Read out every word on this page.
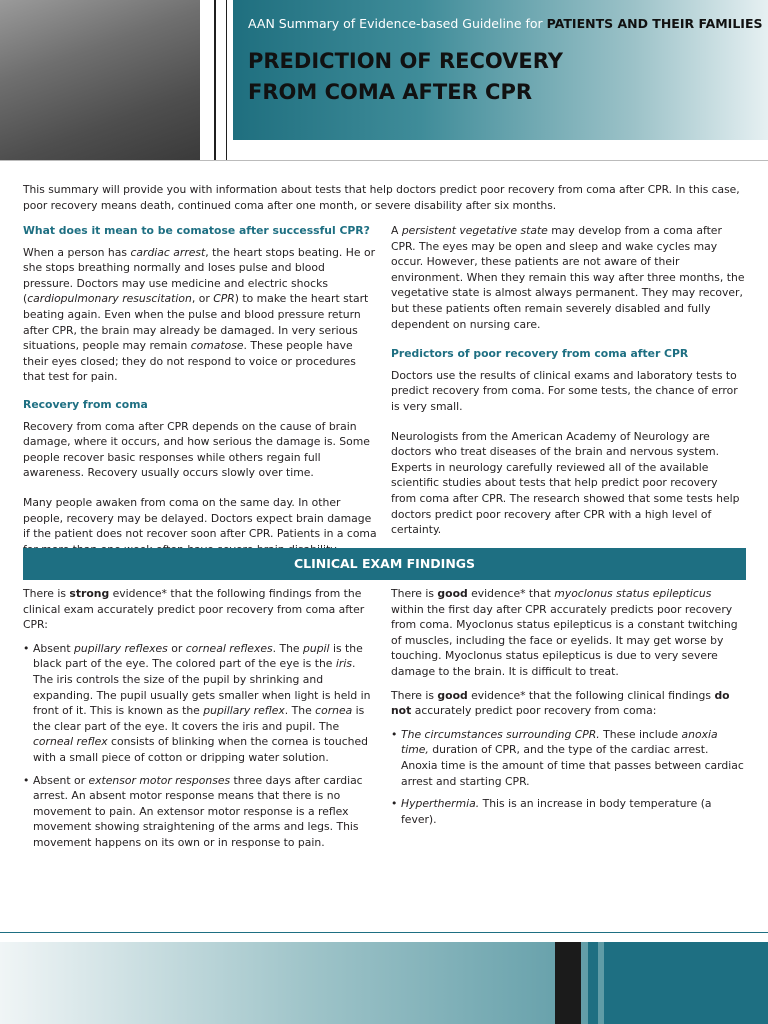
AAN Summary of Evidence-based Guideline for PATIENTS AND THEIR FAMILIES
PREDICTION OF RECOVERY
FROM COMA AFTER CPR

This summary will provide you with information about tests that help doctors predict poor recovery from coma after CPR. In this case, poor recovery means death, continued coma after one month, or severe disability after six months.

What does it mean to be comatose after successful CPR?

When a person has cardiac arrest, the heart stops beating. He or she stops breathing normally and loses pulse and blood pressure. Doctors may use medicine and electric shocks (cardiopulmonary resuscitation, or CPR) to make the heart start beating again. Even when the pulse and blood pressure return after CPR, the brain may already be damaged. In very serious situations, people may remain comatose. These people have their eyes closed; they do not respond to voice or procedures that test for pain.

Recovery from coma

Recovery from coma after CPR depends on the cause of brain damage, where it occurs, and how serious the damage is. Some people recover basic responses while others regain full awareness. Recovery usually occurs slowly over time.

Many people awaken from coma on the same day. In other people, recovery may be delayed. Doctors expect brain damage if the patient does not recover soon after CPR. Patients in a coma

A persistent vegetative state may develop from a coma after CPR. The eyes may be open and sleep and wake cycles may occur. However, these patients are not aware of their environment. When they remain this way after three months, the vegetative state is almost always permanent. They may recover, but these patients often remain severely disabled and fully dependent on nursing care.

Predictors of poor recovery from coma after CPR

Doctors use the results of clinical exams and laboratory tests to predict recovery from coma. For some tests, the chance of error is very small.

Neurologists from the American Academy of Neurology are doctors who treat diseases of the brain and nervous system. Experts in neurology carefully reviewed all of the available scientific studies about tests that help predict poor recovery from coma after CPR. The research showed that some tests help doctors predict poor recovery after CPR with a high level of certainty.

CLINICAL EXAM FINDINGS

There is strong evidence* that the following findings from the clinical exam accurately predict poor recovery from coma after CPR:

• Absent pupillary reflexes or corneal reflexes. The pupil is the black part of the eye. The colored part of the eye is the iris. The iris controls the size of the pupil by shrinking and expanding. The pupil usually gets smaller when light is held in front of it. This is known as the pupillary reflex. The cornea is the clear part of the eye. It covers the iris and pupil. The corneal reflex consists of blinking when the cornea is touched with a small piece of cotton or dripping water solution.
• Absent or extensor motor responses three days after cardiac arrest. An absent motor response means that there is no movement to pain. An extensor motor response is a reflex movement showing straightening of the arms and legs. This movement happens on its own or in response to pain.

There is good evidence* that myoclonus status epilepticus within the first day after CPR accurately predicts poor recovery from coma. Myoclonus status epilepticus is a constant twitching of muscles, including the face or eyelids. It may get worse by touching. Myoclonus status epilepticus is due to very severe damage to the brain. It is difficult to treat.

There is good evidence* that the following clinical findings do not accurately predict poor recovery from coma:

• The circumstances surrounding CPR. These include anoxia time, duration of CPR, and the type of the cardiac arrest. Anoxia time is the amount of time that passes between cardiac arrest and starting CPR.
• Hyperthermia. This is an increase in body temperature (a fever).
